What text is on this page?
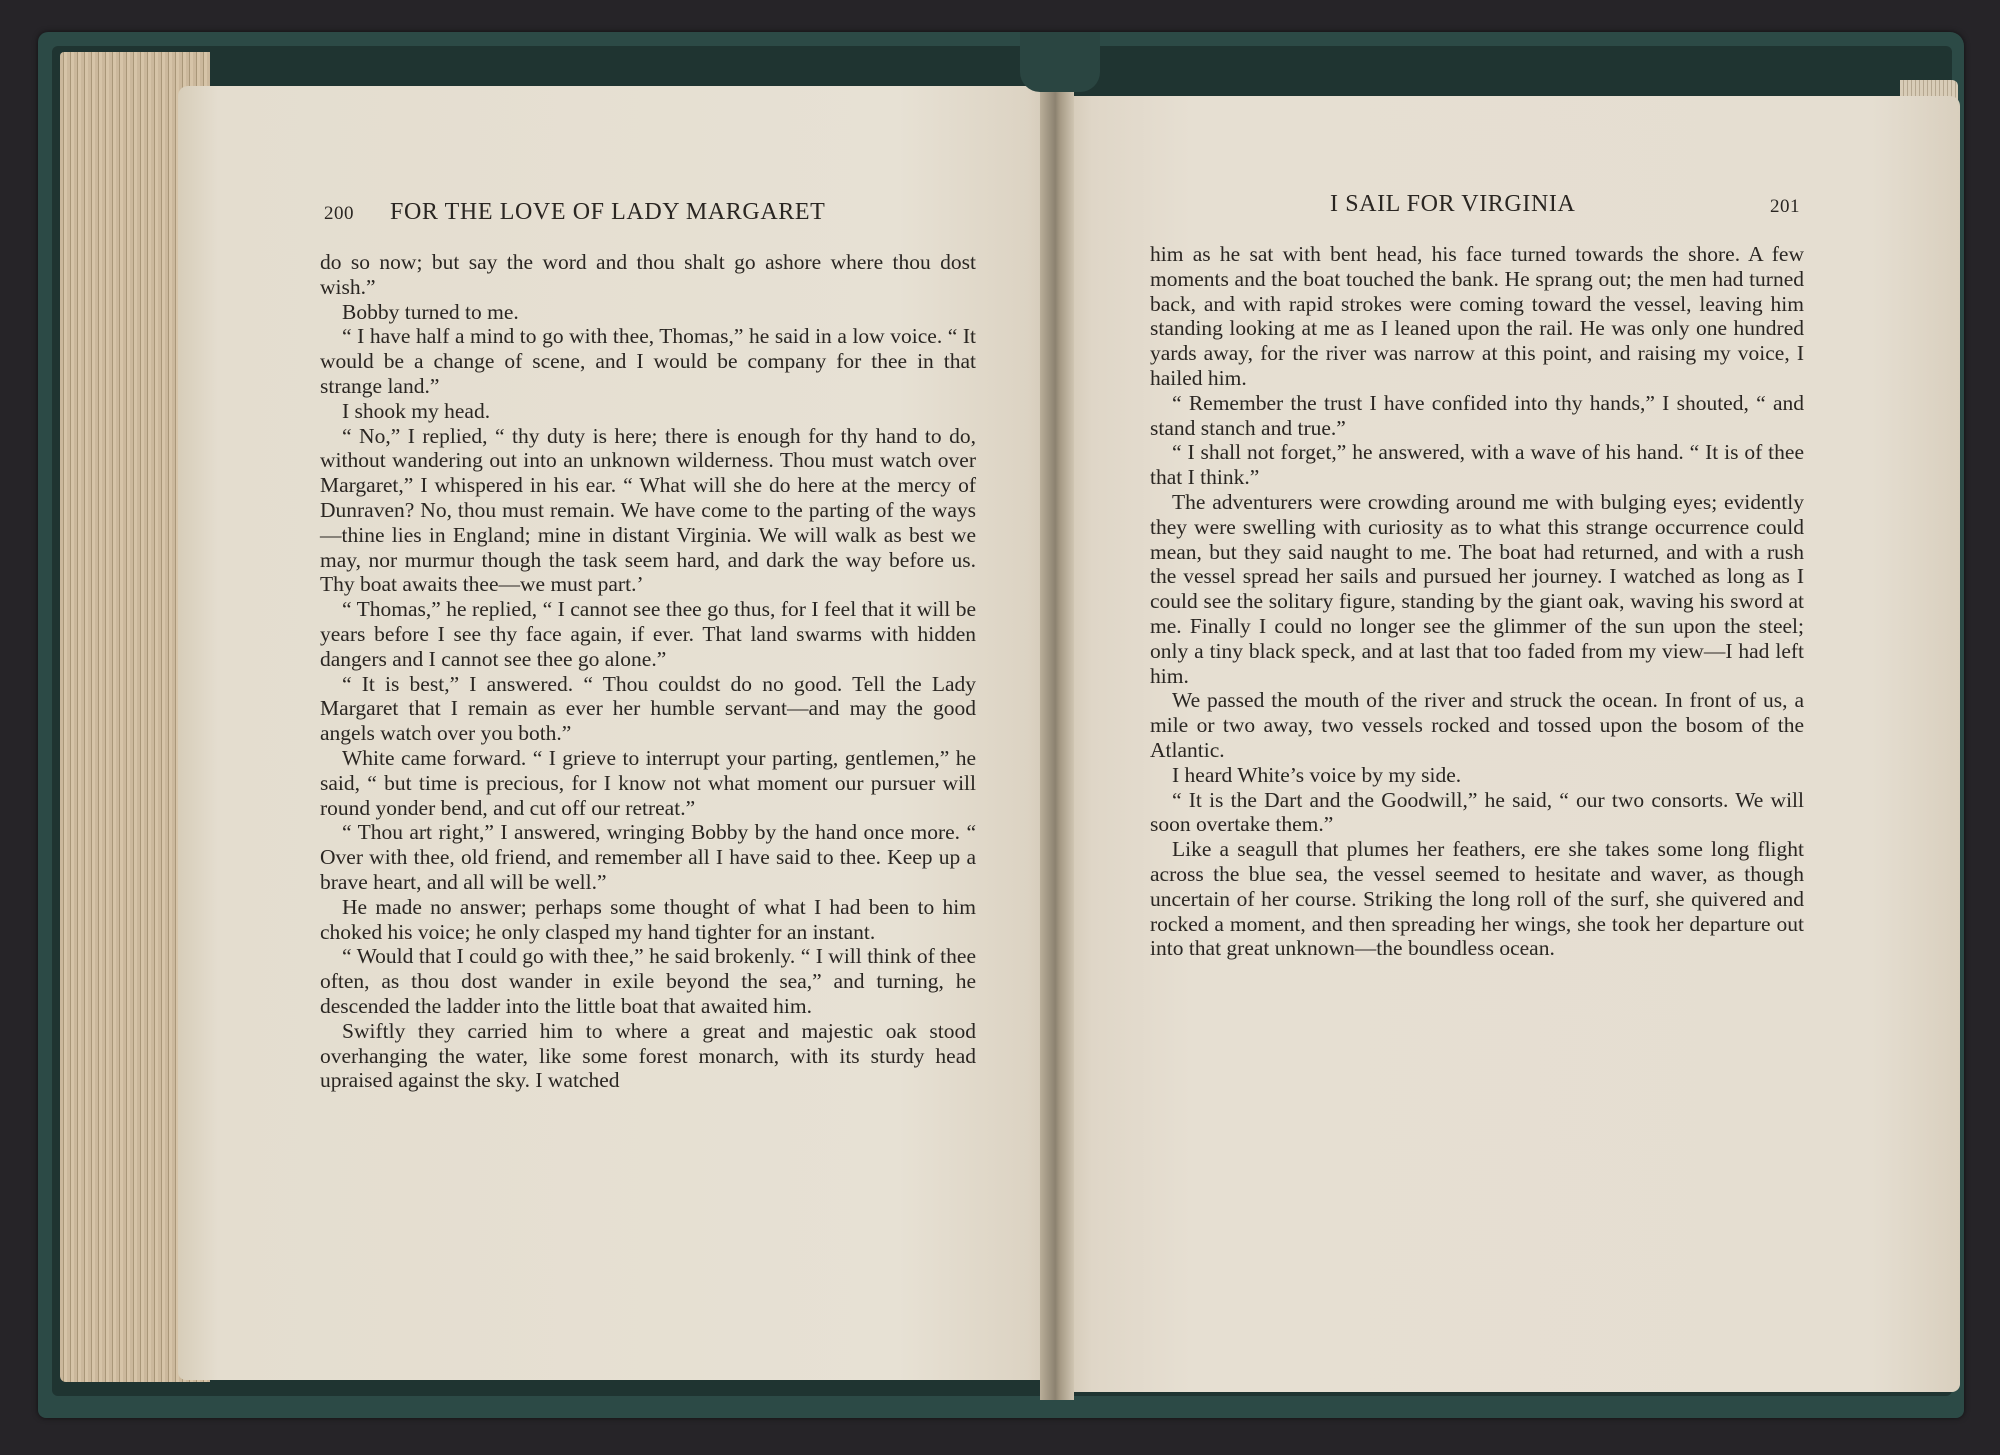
200 FOR THE LOVE OF LADY MARGARET

do so now; but say the word and thou shalt go ashore where thou dost wish.”

Bobby turned to me.

“ I have half a mind to go with thee, Thomas,” he said in a low voice. “ It would be a change of scene, and I would be company for thee in that strange land.”

I shook my head.

“ No,” I replied, “ thy duty is here; there is enough for thy hand to do, without wandering out into an unknown wilderness. Thou must watch over Margaret,” I whispered in his ear. “ What will she do here at the mercy of Dunraven? No, thou must remain. We have come to the parting of the ways—thine lies in England; mine in distant Virginia. We will walk as best we may, nor murmur though the task seem hard, and dark the way before us. Thy boat awaits thee—we must part.’

“ Thomas,” he replied, “ I cannot see thee go thus, for I feel that it will be years before I see thy face again, if ever. That land swarms with hidden dangers and I cannot see thee go alone.”

“ It is best,” I answered. “ Thou couldst do no good. Tell the Lady Margaret that I remain as ever her humble servant—and may the good angels watch over you both.”

White came forward. “ I grieve to interrupt your parting, gentlemen,” he said, “ but time is precious, for I know not what moment our pursuer will round yonder bend, and cut off our retreat.”

“ Thou art right,” I answered, wringing Bobby by the hand once more. “ Over with thee, old friend, and remember all I have said to thee. Keep up a brave heart, and all will be well.”

He made no answer; perhaps some thought of what I had been to him choked his voice; he only clasped my hand tighter for an instant.

“ Would that I could go with thee,” he said brokenly. “ I will think of thee often, as thou dost wander in exile beyond the sea,” and turning, he descended the ladder into the little boat that awaited him.

Swiftly they carried him to where a great and majestic oak stood overhanging the water, like some forest monarch, with its sturdy head upraised against the sky. I watched

I SAIL FOR VIRGINIA	201

him as he sat with bent head, his face turned towards the shore. A few moments and the boat touched the bank. He sprang out; the men had turned back, and with rapid strokes were coming toward the vessel, leaving him standing looking at me as I leaned upon the rail. He was only one hundred yards away, for the river was narrow at this point, and raising my voice, I hailed him.

“ Remember the trust I have confided into thy hands,” I shouted, “ and stand stanch and true.”

“ I shall not forget,” he answered, with a wave of his hand. “ It is of thee that I think.”

The adventurers were crowding around me with bulging eyes; evidently they were swelling with curiosity as to what this strange occurrence could mean, but they said naught to me. The boat had returned, and with a rush the vessel spread her sails and pursued her journey. I watched as long as I could see the solitary figure, standing by the giant oak, waving his sword at me. Finally I could no longer see the glimmer of the sun upon the steel; only a tiny black speck, and at last that too faded from my view—I had left him.

We passed the mouth of the river and struck the ocean. In front of us, a mile or two away, two vessels rocked and tossed upon the bosom of the Atlantic.

I heard White’s voice by my side.

“ It is the Dart and the Goodwill,” he said, “ our two consorts. We will soon overtake them.”

Like a seagull that plumes her feathers, ere she takes some long flight across the blue sea, the vessel seemed to hesitate and waver, as though uncertain of her course. Striking the long roll of the surf, she quivered and rocked a moment, and then spreading her wings, she took her departure out into that great unknown—the boundless ocean.
